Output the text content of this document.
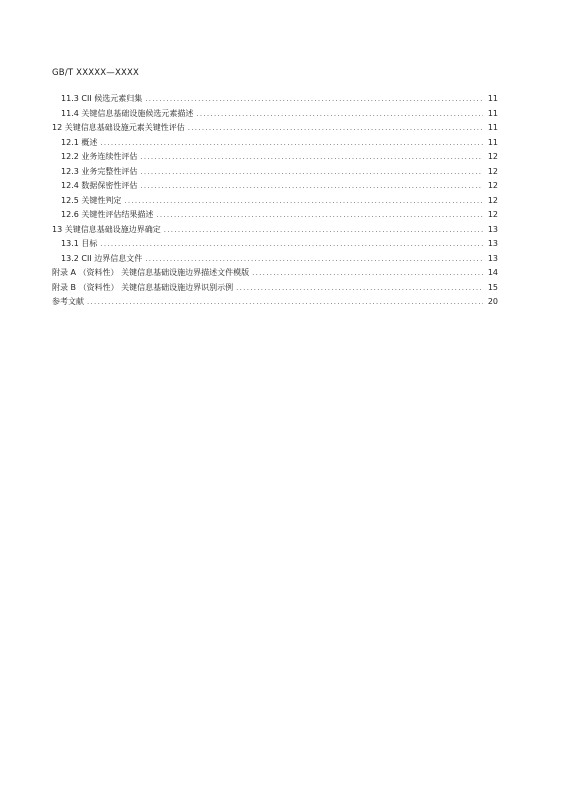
GB/T XXXXX—XXXX
11.3 CII 候选元素归集 .....	11
11.4 关键信息基础设施候选元素描述 .....	11
12 关键信息基础设施元素关键性评估 .....	11
12.1 概述 .....	11
12.2 业务连续性评估 .....	12
12.3 业务完整性评估 .....	12
12.4 数据保密性评估 .....	12
12.5 关键性判定 .....	12
12.6 关键性评估结果描述 .....	12
13 关键信息基础设施边界确定 .....	13
13.1 目标 .....	13
13.2 CII 边界信息文件 .....	13
附录 A （资料性） 关键信息基础设施边界描述文件模版 .....	14
附录 B （资料性） 关键信息基础设施边界识别示例 .....	15
参考文献 .....	20
